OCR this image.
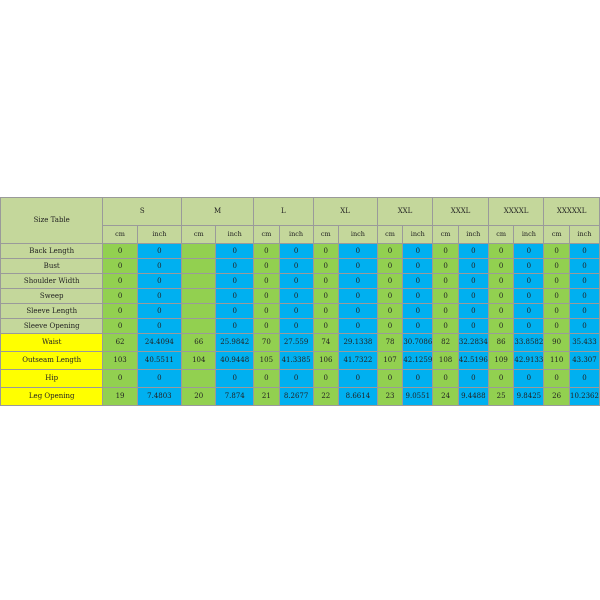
Size Table	S		M		L		XL		XXL		XXXL		XXXXL		XXXXXL	
	cm	inch	cm	inch	cm	inch	cm	inch	cm	inch	cm	inch	cm	inch	cm	inch
Back Length	0	0		0	0	0	0	0	0	0	0	0	0	0	0	0
Bust	0	0		0	0	0	0	0	0	0	0	0	0	0	0	0
Shoulder Width	0	0		0	0	0	0	0	0	0	0	0	0	0	0	0
Sweep	0	0		0	0	0	0	0	0	0	0	0	0	0	0	0
Sleeve Length	0	0		0	0	0	0	0	0	0	0	0	0	0	0	0
Sleeve Opening	0	0		0	0	0	0	0	0	0	0	0	0	0	0	0
Waist	62	24.4094	66	25.9842	70	27.559	74	29.1338	78	30.7086	82	32.2834	86	33.8582	90	35.433
Outseam Length	103	40.5511	104	40.9448	105	41.3385	106	41.7322	107	42.1259	108	42.5196	109	42.9133	110	43.307
Hip	0	0		0	0	0	0	0	0	0	0	0	0	0	0	0
Leg Opening	19	7.4803	20	7.874	21	8.2677	22	8.6614	23	9.0551	24	9.4488	25	9.8425	26	10.2362
